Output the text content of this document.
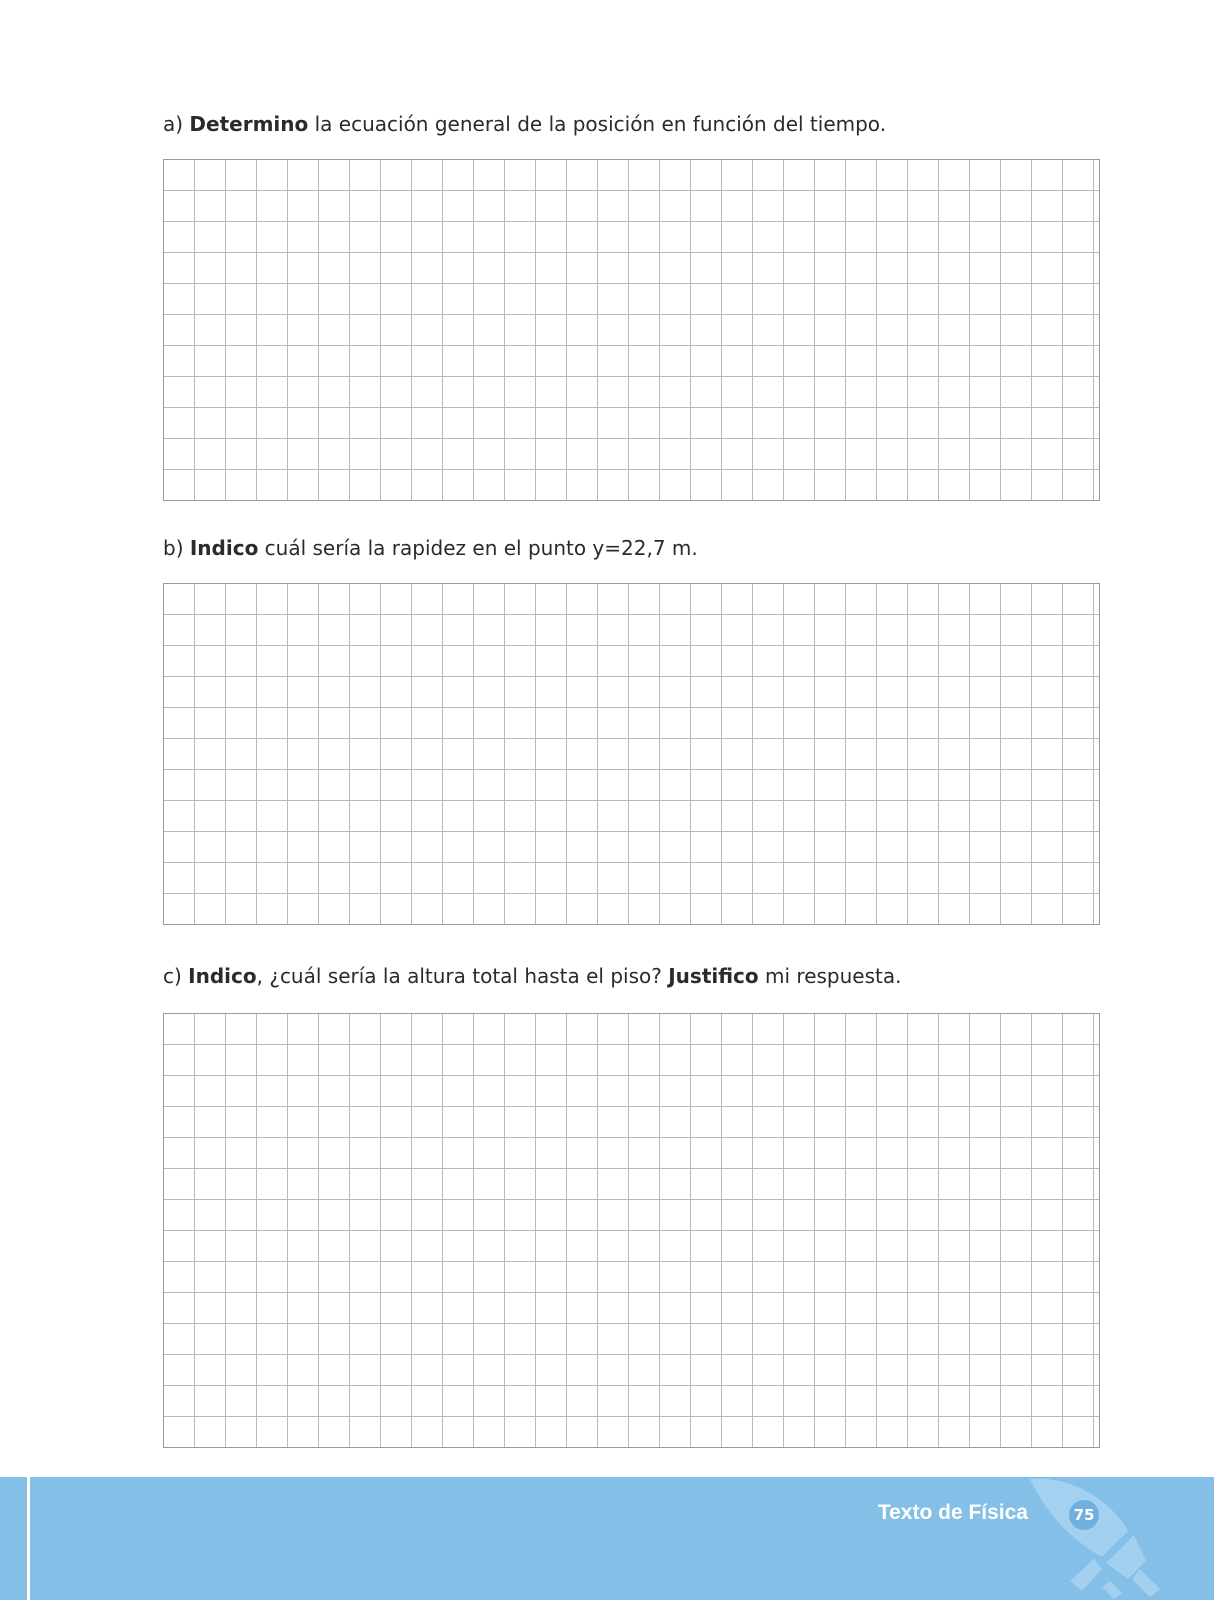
a) Determino la ecuación general de la posición en función del tiempo.

b) Indico cuál sería la rapidez en el punto y=22,7 m.

c) Indico, ¿cuál sería la altura total hasta el piso? Justifico mi respuesta.

Texto de Física	75
